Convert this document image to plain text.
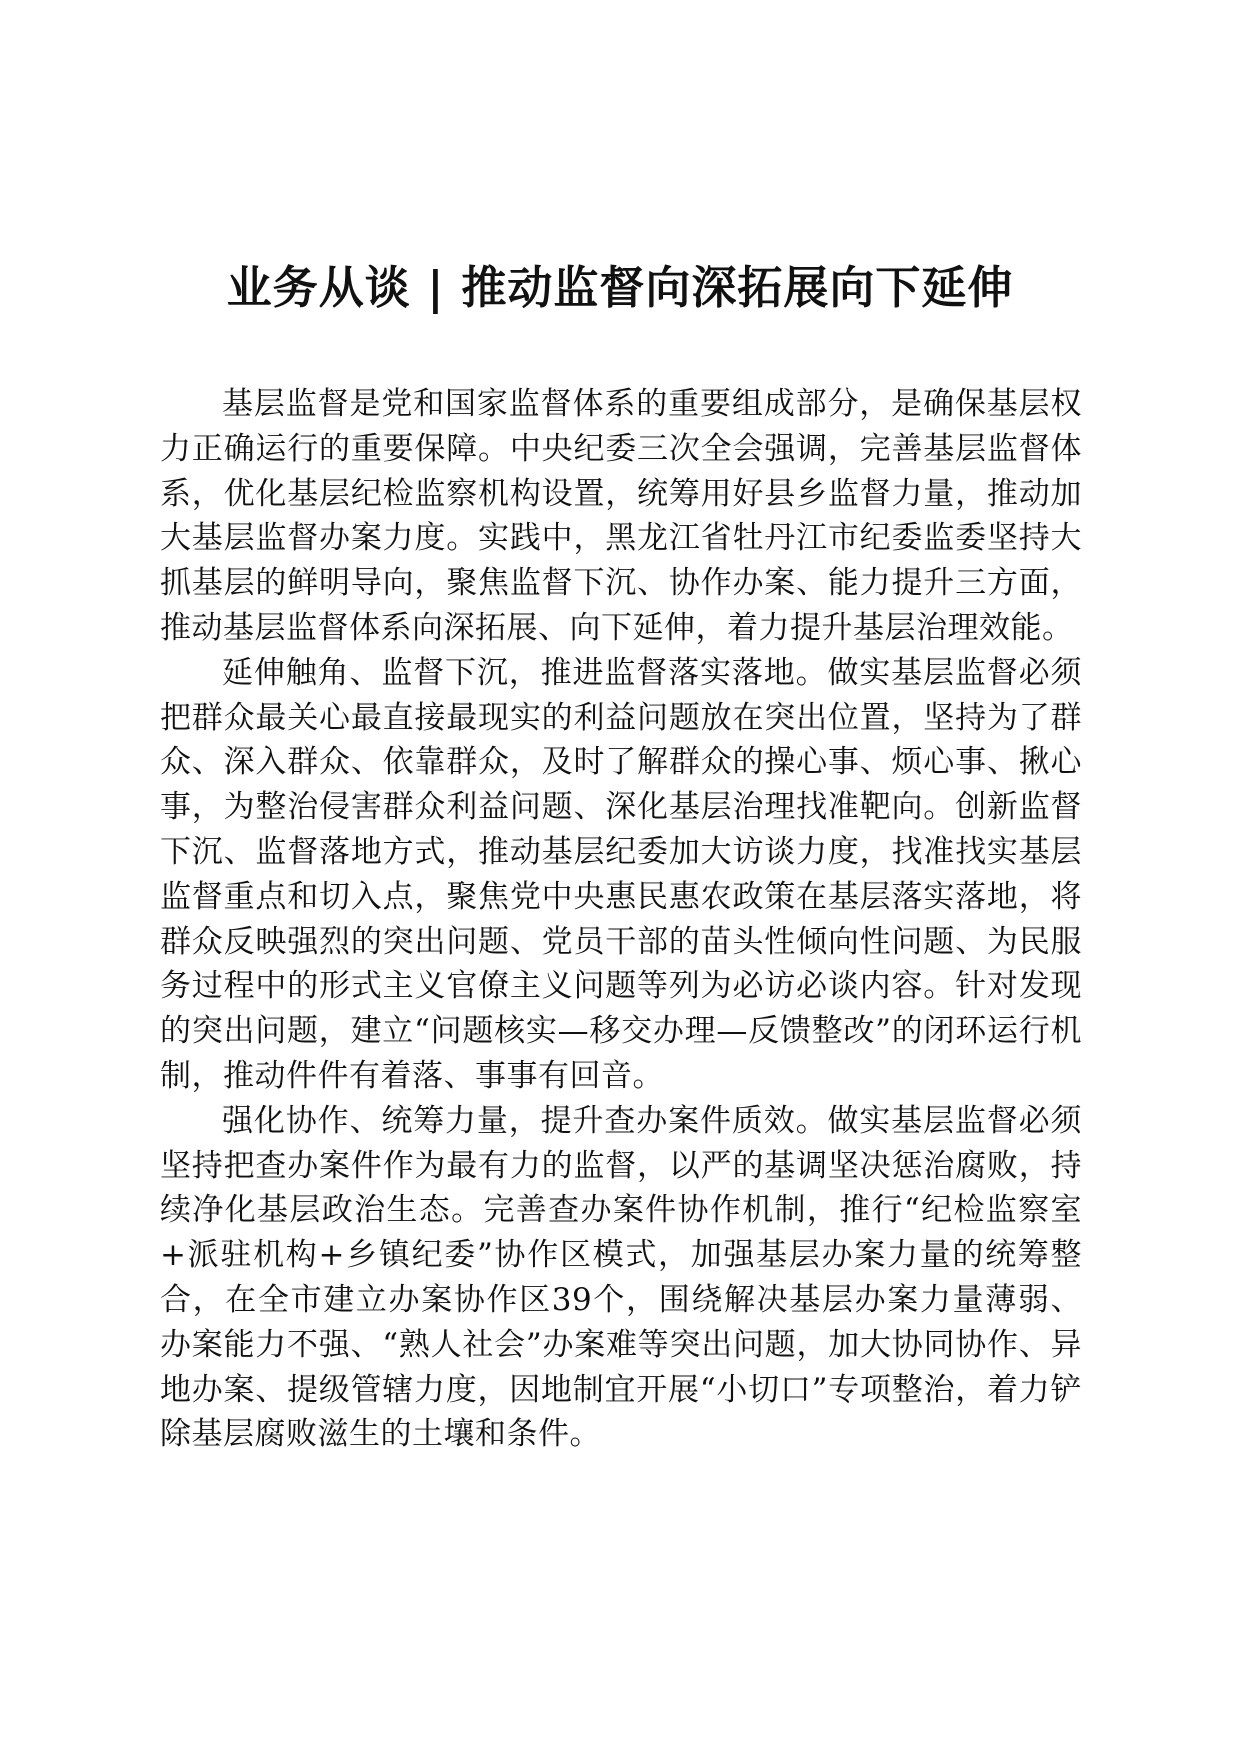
业务从谈 | 推动监督向深拓展向下延伸

基层监督是党和国家监督体系的重要组成部分，是确保基层权力正确运行的重要保障。中央纪委三次全会强调，完善基层监督体系，优化基层纪检监察机构设置，统筹用好县乡监督力量，推动加大基层监督办案力度。实践中，黑龙江省牡丹江市纪委监委坚持大抓基层的鲜明导向，聚焦监督下沉、协作办案、能力提升三方面，推动基层监督体系向深拓展、向下延伸，着力提升基层治理效能。

延伸触角、监督下沉，推进监督落实落地。做实基层监督必须把群众最关心最直接最现实的利益问题放在突出位置，坚持为了群众、深入群众、依靠群众，及时了解群众的操心事、烦心事、揪心事，为整治侵害群众利益问题、深化基层治理找准靶向。创新监督下沉、监督落地方式，推动基层纪委加大访谈力度，找准找实基层监督重点和切入点，聚焦党中央惠民惠农政策在基层落实落地，将群众反映强烈的突出问题、党员干部的苗头性倾向性问题、为民服务过程中的形式主义官僚主义问题等列为必访必谈内容。针对发现的突出问题，建立“问题核实—移交办理—反馈整改”的闭环运行机制，推动件件有着落、事事有回音。

强化协作、统筹力量，提升查办案件质效。做实基层监督必须坚持把查办案件作为最有力的监督，以严的基调坚决惩治腐败，持续净化基层政治生态。完善查办案件协作机制，推行“纪检监察室+派驻机构+乡镇纪委”协作区模式，加强基层办案力量的统筹整合，在全市建立办案协作区39个，围绕解决基层办案力量薄弱、办案能力不强、“熟人社会”办案难等突出问题，加大协同协作、异地办案、提级管辖力度，因地制宜开展“小切口”专项整治，着力铲除基层腐败滋生的土壤和条件。
